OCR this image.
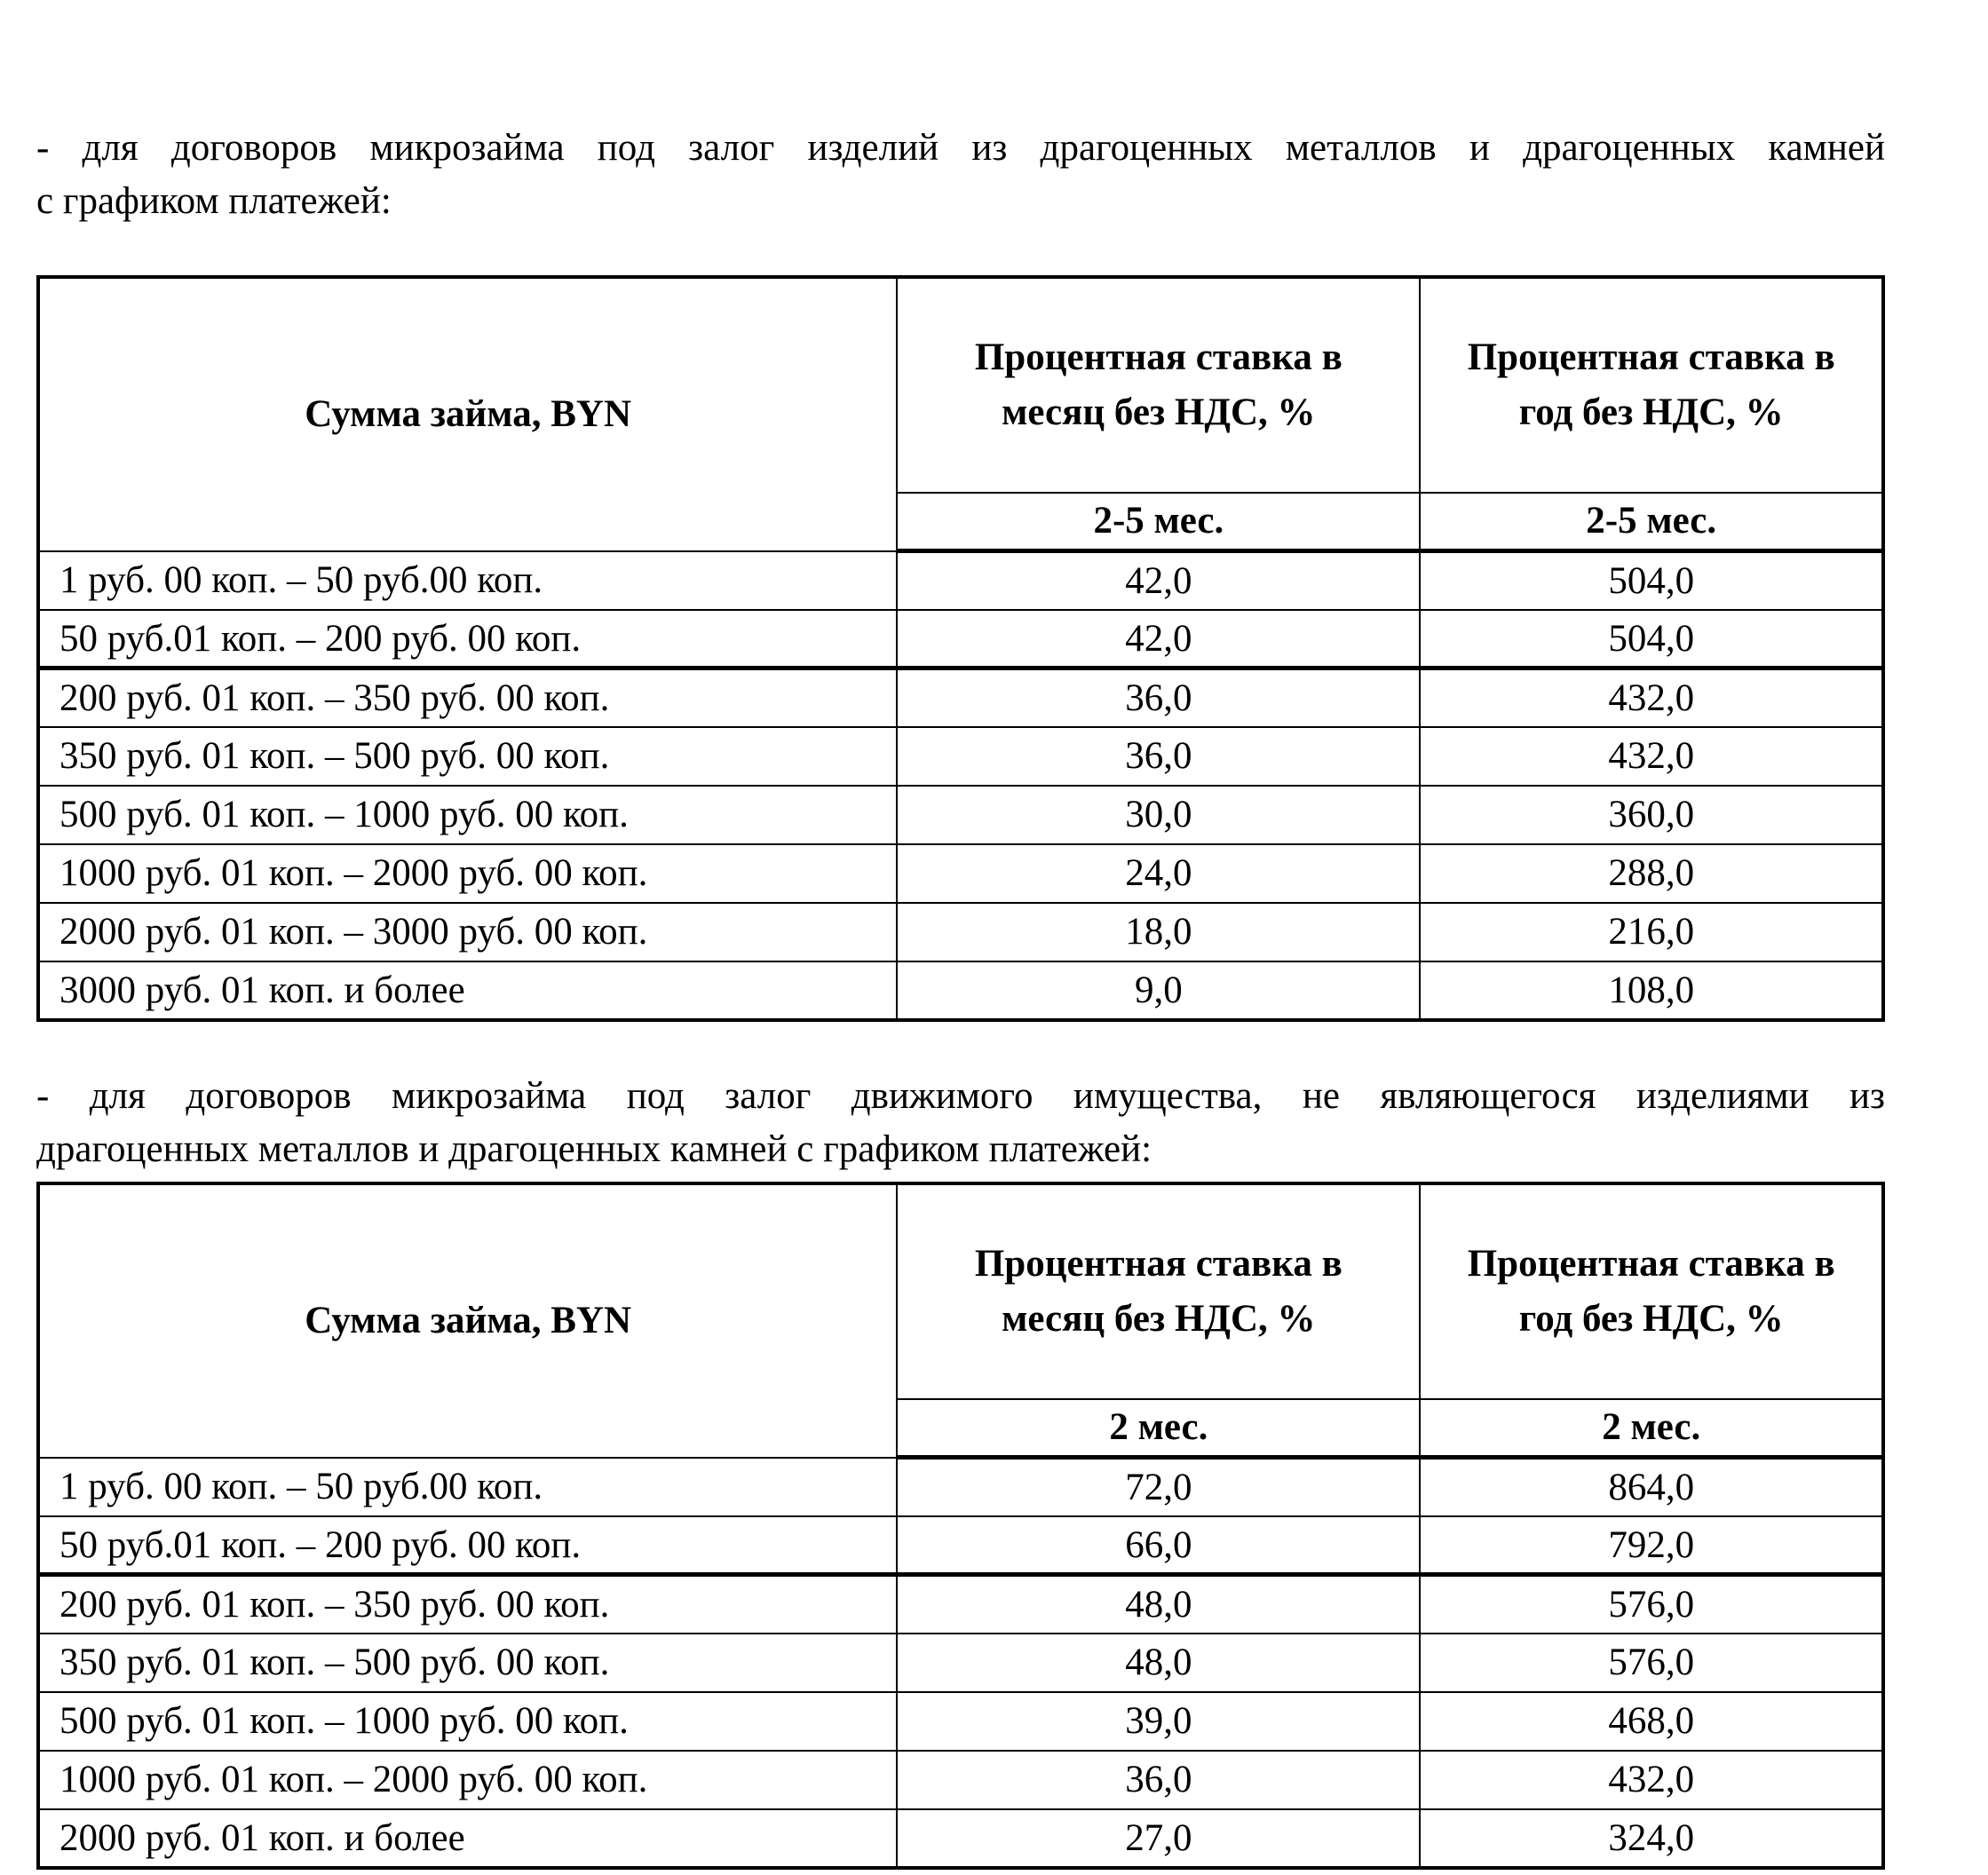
- для договоров микрозайма под залог изделий из драгоценных металлов и драгоценных камней
с графиком платежей:
Сумма займа, BYN	Процентная ставка в месяц без НДС, %	Процентная ставка в год без НДС, %
	2-5 мес.	2-5 мес.
1 руб. 00 коп. – 50 руб.00 коп.	42,0	504,0
50 руб.01 коп. – 200 руб. 00 коп.	42,0	504,0
200 руб. 01 коп. – 350 руб. 00 коп.	36,0	432,0
350 руб. 01 коп. – 500 руб. 00 коп.	36,0	432,0
500 руб. 01 коп. – 1000 руб. 00 коп.	30,0	360,0
1000 руб. 01 коп. – 2000 руб. 00 коп.	24,0	288,0
2000 руб. 01 коп. – 3000 руб. 00 коп.	18,0	216,0
3000 руб. 01 коп. и более	9,0	108,0
- для договоров микрозайма под залог движимого имущества, не являющегося изделиями из
драгоценных металлов и драгоценных камней с графиком платежей:
Сумма займа, BYN	Процентная ставка в месяц без НДС, %	Процентная ставка в год без НДС, %
	2 мес.	2 мес.
1 руб. 00 коп. – 50 руб.00 коп.	72,0	864,0
50 руб.01 коп. – 200 руб. 00 коп.	66,0	792,0
200 руб. 01 коп. – 350 руб. 00 коп.	48,0	576,0
350 руб. 01 коп. – 500 руб. 00 коп.	48,0	576,0
500 руб. 01 коп. – 1000 руб. 00 коп.	39,0	468,0
1000 руб. 01 коп. – 2000 руб. 00 коп.	36,0	432,0
2000 руб. 01 коп. и более	27,0	324,0
